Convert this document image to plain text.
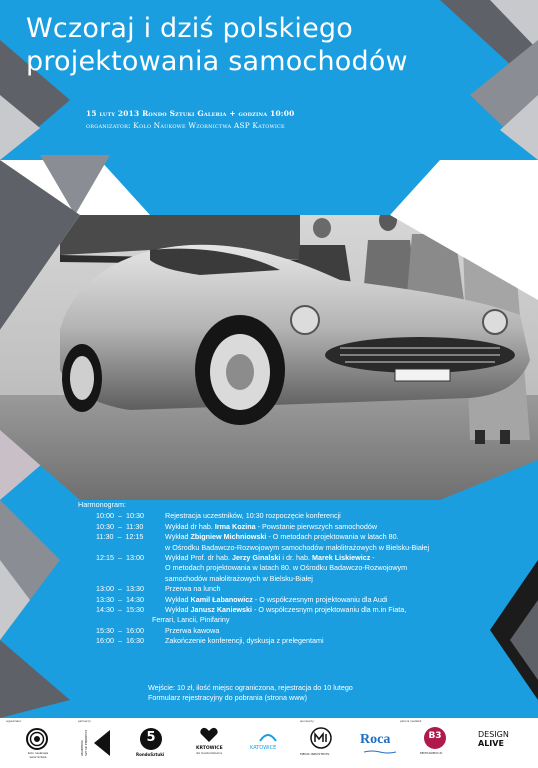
Wczoraj i dziś polskiego
projektowania samochodów
15 luty 2013 Rondo Sztuki Galeria + godzina 10:00
organizator: Koło Naukowe Wzornictwa ASP Katowice
Harmonogram:
10:00  –  10:30	Rejestracja uczestników, 10:30 rozpoczęcie konferencji
10:30  –  11:30	Wykład dr hab. Irma Kozina - Powstanie pierwszych samochodów
11:30  –  12:15	Wykład Zbigniew Michniowski - O metodach projektowania w latach 80.
w Ośrodku Badawczo-Rozwojowym samochodów małolitrażowych w Bielsku-Białej
12:15  –  13:00	Wykład Prof. dr hab. Jerzy Ginalski i dr. hab. Marek Liskiewicz -
O metodach projektowania w latach 80. w Ośrodku Badawczo-Rozwojowym
samochodów małolitrażowych w Bielsku-Białej
13:00  –  13:30	Przerwa na lunch
13:30  –  14:30	Wykład Kamil Łabanowicz - O współczesnym projektowaniu dla Audi
14:30  –  15:30	Wykład Janusz Kaniewski - O współczesnym projektowaniu dla m.in Fiata,
Ferrari, Lancii, Pinifariny
15:30  –  16:00	Przerwa kawowa
16:00  –  16:30	Zakończenie konferencji, dyskusja z prelegentami
Wejście: 10 zł, ilość miejsc ograniczona, rejestracja do 10 lutego
Formularz rejestracyjny do pobrania (strona www)
organizator:	partnerzy:	sponsorzy:	patroni medialni:
koło naukowe wzornictwa
AKADEMIA SZTUK PIĘKNYCH	5
RondoSztuki
KRTOWICE
dla miasta Katowice
KATOWICE
MEDIA INDUSTRY.PL
Roca	B3
BEDESIGNBOX.PL
DESIGN
ALIVE
